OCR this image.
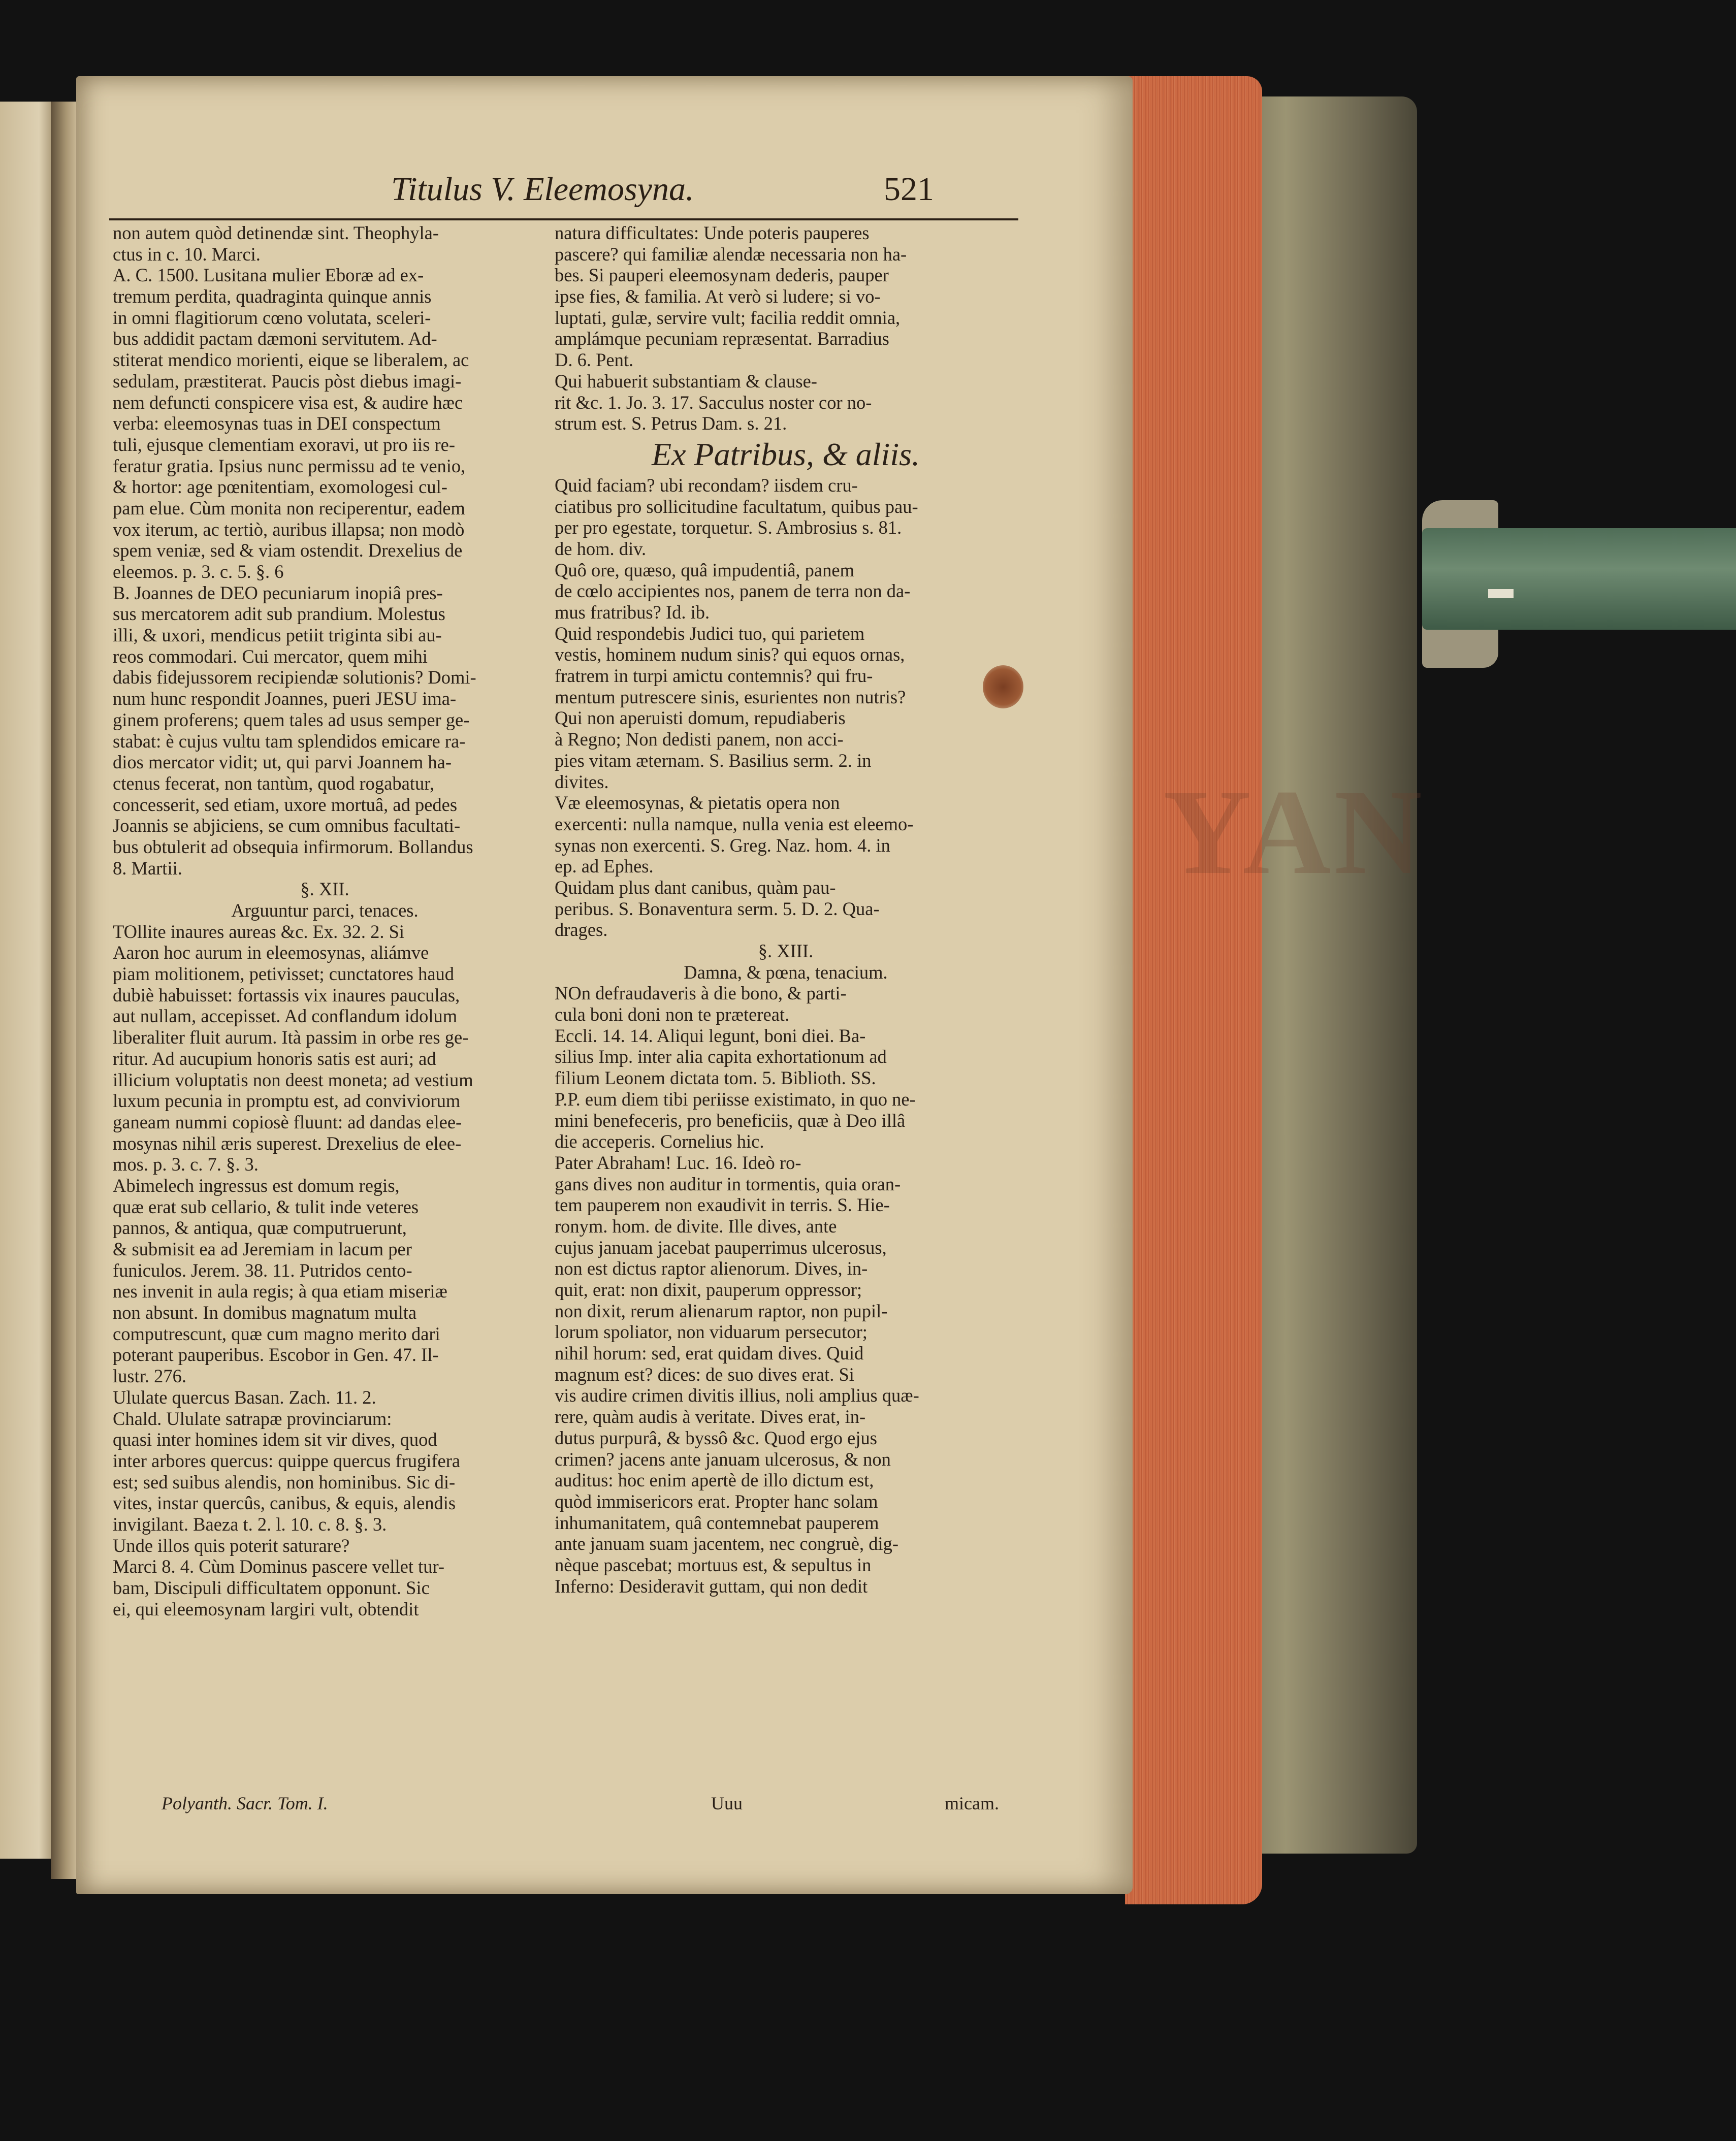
YAN
Titulus V. Eleemosyna.	521
non autem quòd detinendæ sint. Theophyla-
ctus in c. 10. Marci.
A. C. 1500. Lusitana mulier Eboræ ad ex-
tremum perdita, quadraginta quinque annis
in omni flagitiorum cœno volutata, sceleri-
bus addidit pactam dæmoni servitutem. Ad-
stiterat mendico morienti, eique se liberalem, ac
sedulam, præstiterat. Paucis pòst diebus imagi-
nem defuncti conspicere visa est, & audire hæc
verba: eleemosynas tuas in DEI conspectum
tuli, ejusque clementiam exoravi, ut pro iis re-
feratur gratia. Ipsius nunc permissu ad te venio,
& hortor: age pœnitentiam, exomologesi cul-
pam elue. Cùm monita non reciperentur, eadem
vox iterum, ac tertiò, auribus illapsa; non modò
spem veniæ, sed & viam ostendit. Drexelius de
eleemos. p. 3. c. 5. §. 6
B. Joannes de DEO pecuniarum inopiâ pres-
sus mercatorem adit sub prandium. Molestus
illi, & uxori, mendicus petiit triginta sibi au-
reos commodari. Cui mercator, quem mihi
dabis fidejussorem recipiendæ solutionis? Domi-
num hunc respondit Joannes, pueri JESU ima-
ginem proferens; quem tales ad usus semper ge-
stabat: è cujus vultu tam splendidos emicare ra-
dios mercator vidit; ut, qui parvi Joannem ha-
ctenus fecerat, non tantùm, quod rogabatur,
concesserit, sed etiam, uxore mortuâ, ad pedes
Joannis se abjiciens, se cum omnibus facultati-
bus obtulerit ad obsequia infirmorum. Bollandus
8. Martii.
§. XII.
Arguuntur parci, tenaces.
TOllite inaures aureas &c. Ex. 32. 2. Si
Aaron hoc aurum in eleemosynas, aliámve
piam molitionem, petivisset; cunctatores haud
dubiè habuisset: fortassis vix inaures pauculas,
aut nullam, accepisset. Ad conflandum idolum
liberaliter fluit aurum. Ità passim in orbe res ge-
ritur. Ad aucupium honoris satis est auri; ad
illicium voluptatis non deest moneta; ad vestium
luxum pecunia in promptu est, ad conviviorum
ganeam nummi copiosè fluunt: ad dandas elee-
mosynas nihil æris superest. Drexelius de elee-
mos. p. 3. c. 7. §. 3.
Abimelech ingressus est domum regis,
quæ erat sub cellario, & tulit inde veteres
pannos, & antiqua, quæ computruerunt,
& submisit ea ad Jeremiam in lacum per
funiculos. Jerem. 38. 11. Putridos cento-
nes invenit in aula regis; à qua etiam miseriæ
non absunt. In domibus magnatum multa
computrescunt, quæ cum magno merito dari
poterant pauperibus. Escobor in Gen. 47. Il-
lustr. 276.
Ululate quercus Basan. Zach. 11. 2.
Chald. Ululate satrapæ provinciarum:
quasi inter homines idem sit vir dives, quod
inter arbores quercus: quippe quercus frugifera
est; sed suibus alendis, non hominibus. Sic di-
vites, instar quercûs, canibus, & equis, alendis
invigilant. Baeza t. 2. l. 10. c. 8. §. 3.
Unde illos quis poterit saturare?
Marci 8. 4. Cùm Dominus pascere vellet tur-
bam, Discipuli difficultatem opponunt. Sic
ei, qui eleemosynam largiri vult, obtendit
natura difficultates: Unde poteris pauperes
pascere? qui familiæ alendæ necessaria non ha-
bes. Si pauperi eleemosynam dederis, pauper
ipse fies, & familia. At verò si ludere; si vo-
luptati, gulæ, servire vult; facilia reddit omnia,
amplámque pecuniam repræsentat. Barradius
D. 6. Pent.
Qui habuerit substantiam & clause-
rit &c. 1. Jo. 3. 17. Sacculus noster cor no-
strum est. S. Petrus Dam. s. 21.
Ex Patribus, & aliis.
Quid faciam? ubi recondam? iisdem cru-
ciatibus pro sollicitudine facultatum, quibus pau-
per pro egestate, torquetur. S. Ambrosius s. 81.
de hom. div.
Quô ore, quæso, quâ impudentiâ, panem
de cœlo accipientes nos, panem de terra non da-
mus fratribus? Id. ib.
Quid respondebis Judici tuo, qui parietem
vestis, hominem nudum sinis? qui equos ornas,
fratrem in turpi amictu contemnis? qui fru-
mentum putrescere sinis, esurientes non nutris?
Qui non aperuisti domum, repudiaberis
à Regno; Non dedisti panem, non acci-
pies vitam æternam. S. Basilius serm. 2. in
divites.
Væ eleemosynas, & pietatis opera non
exercenti: nulla namque, nulla venia est eleemo-
synas non exercenti. S. Greg. Naz. hom. 4. in
ep. ad Ephes.
Quidam plus dant canibus, quàm pau-
peribus. S. Bonaventura serm. 5. D. 2. Qua-
drages.
§. XIII.
Damna, & pœna, tenacium.
NOn defraudaveris à die bono, & parti-
cula boni doni non te prætereat.
Eccli. 14. 14. Aliqui legunt, boni diei. Ba-
silius Imp. inter alia capita exhortationum ad
filium Leonem dictata tom. 5. Biblioth. SS.
P.P. eum diem tibi periisse existimato, in quo ne-
mini benefeceris, pro beneficiis, quæ à Deo illâ
die acceperis. Cornelius hic.
Pater Abraham! Luc. 16. Ideò ro-
gans dives non auditur in tormentis, quia oran-
tem pauperem non exaudivit in terris. S. Hie-
ronym. hom. de divite. Ille dives, ante
cujus januam jacebat pauperrimus ulcerosus,
non est dictus raptor alienorum. Dives, in-
quit, erat: non dixit, pauperum oppressor;
non dixit, rerum alienarum raptor, non pupil-
lorum spoliator, non viduarum persecutor;
nihil horum: sed, erat quidam dives. Quid
magnum est? dices: de suo dives erat. Si
vis audire crimen divitis illius, noli amplius quæ-
rere, quàm audis à veritate. Dives erat, in-
dutus purpurâ, & byssô &c. Quod ergo ejus
crimen? jacens ante januam ulcerosus, & non
auditus: hoc enim apertè de illo dictum est,
quòd immisericors erat. Propter hanc solam
inhumanitatem, quâ contemnebat pauperem
ante januam suam jacentem, nec congruè, dig-
nèque pascebat; mortuus est, & sepultus in
Inferno: Desideravit guttam, qui non dedit
Polyanth. Sacr. Tom. I.	Uuu	micam.
